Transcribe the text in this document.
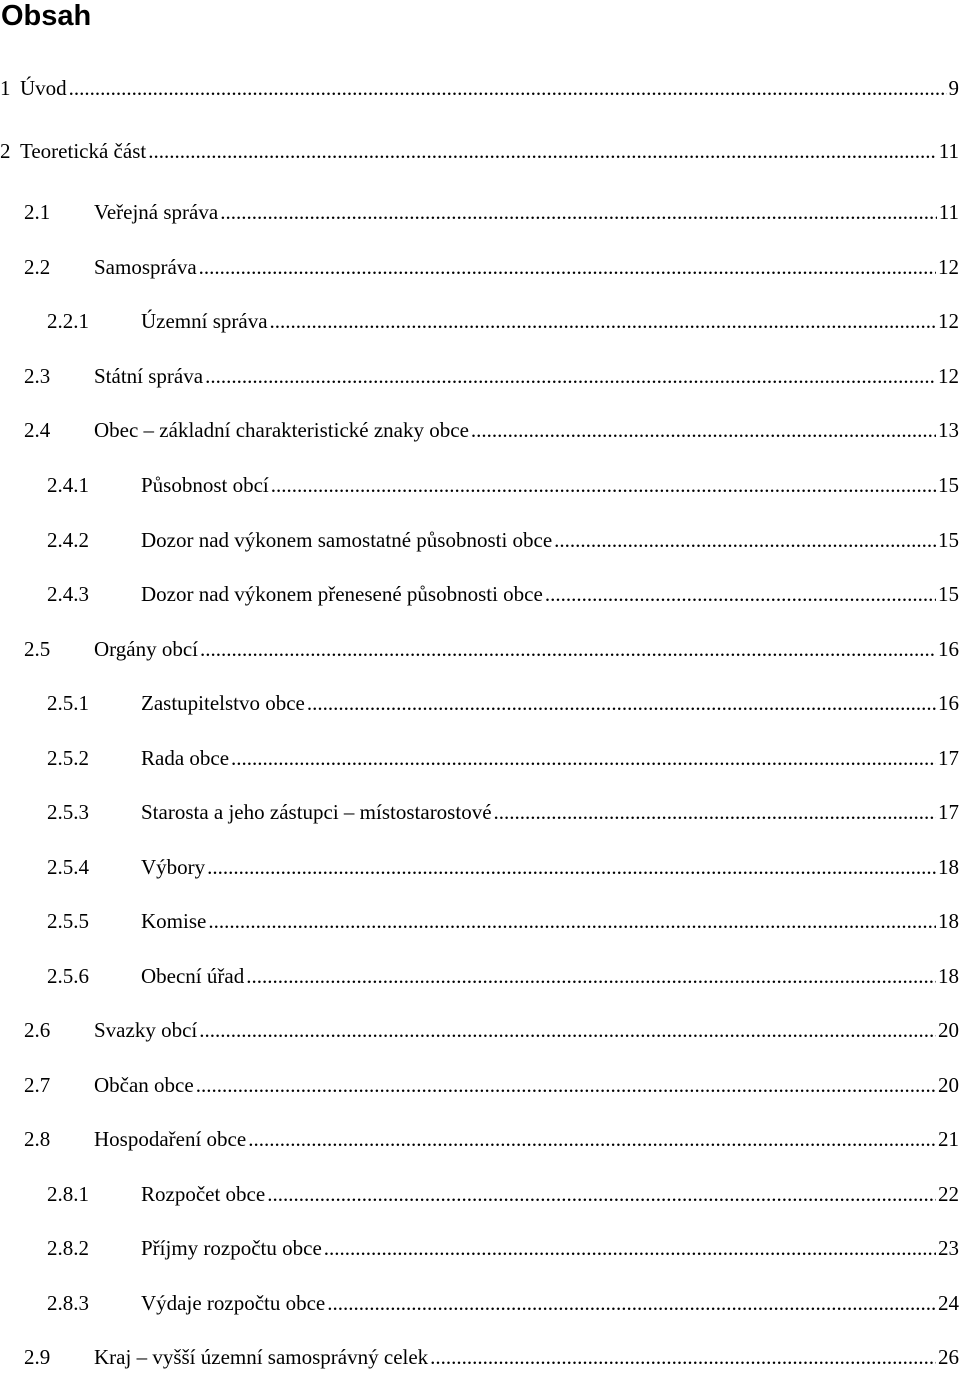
Obsah
1 Úvod .....	9
2 Teoretická část .....	11
2.1 Veřejná správa .....	11
2.2 Samospráva .....	12
2.2.1 Územní správa .....	12
2.3 Státní správa .....	12
2.4 Obec – základní charakteristické znaky obce .....	13
2.4.1 Působnost obcí .....	15
2.4.2 Dozor nad výkonem samostatné působnosti obce .....	15
2.4.3 Dozor nad výkonem přenesené působnosti obce .....	15
2.5 Orgány obcí .....	16
2.5.1 Zastupitelstvo obce .....	16
2.5.2 Rada obce .....	17
2.5.3 Starosta a jeho zástupci – místostarostové .....	17
2.5.4 Výbory .....	18
2.5.5 Komise .....	18
2.5.6 Obecní úřad .....	18
2.6 Svazky obcí .....	20
2.7 Občan obce .....	20
2.8 Hospodaření obce .....	21
2.8.1 Rozpočet obce .....	22
2.8.2 Příjmy rozpočtu obce .....	23
2.8.3 Výdaje rozpočtu obce .....	24
2.9 Kraj – vyšší územní samosprávný celek .....	26
